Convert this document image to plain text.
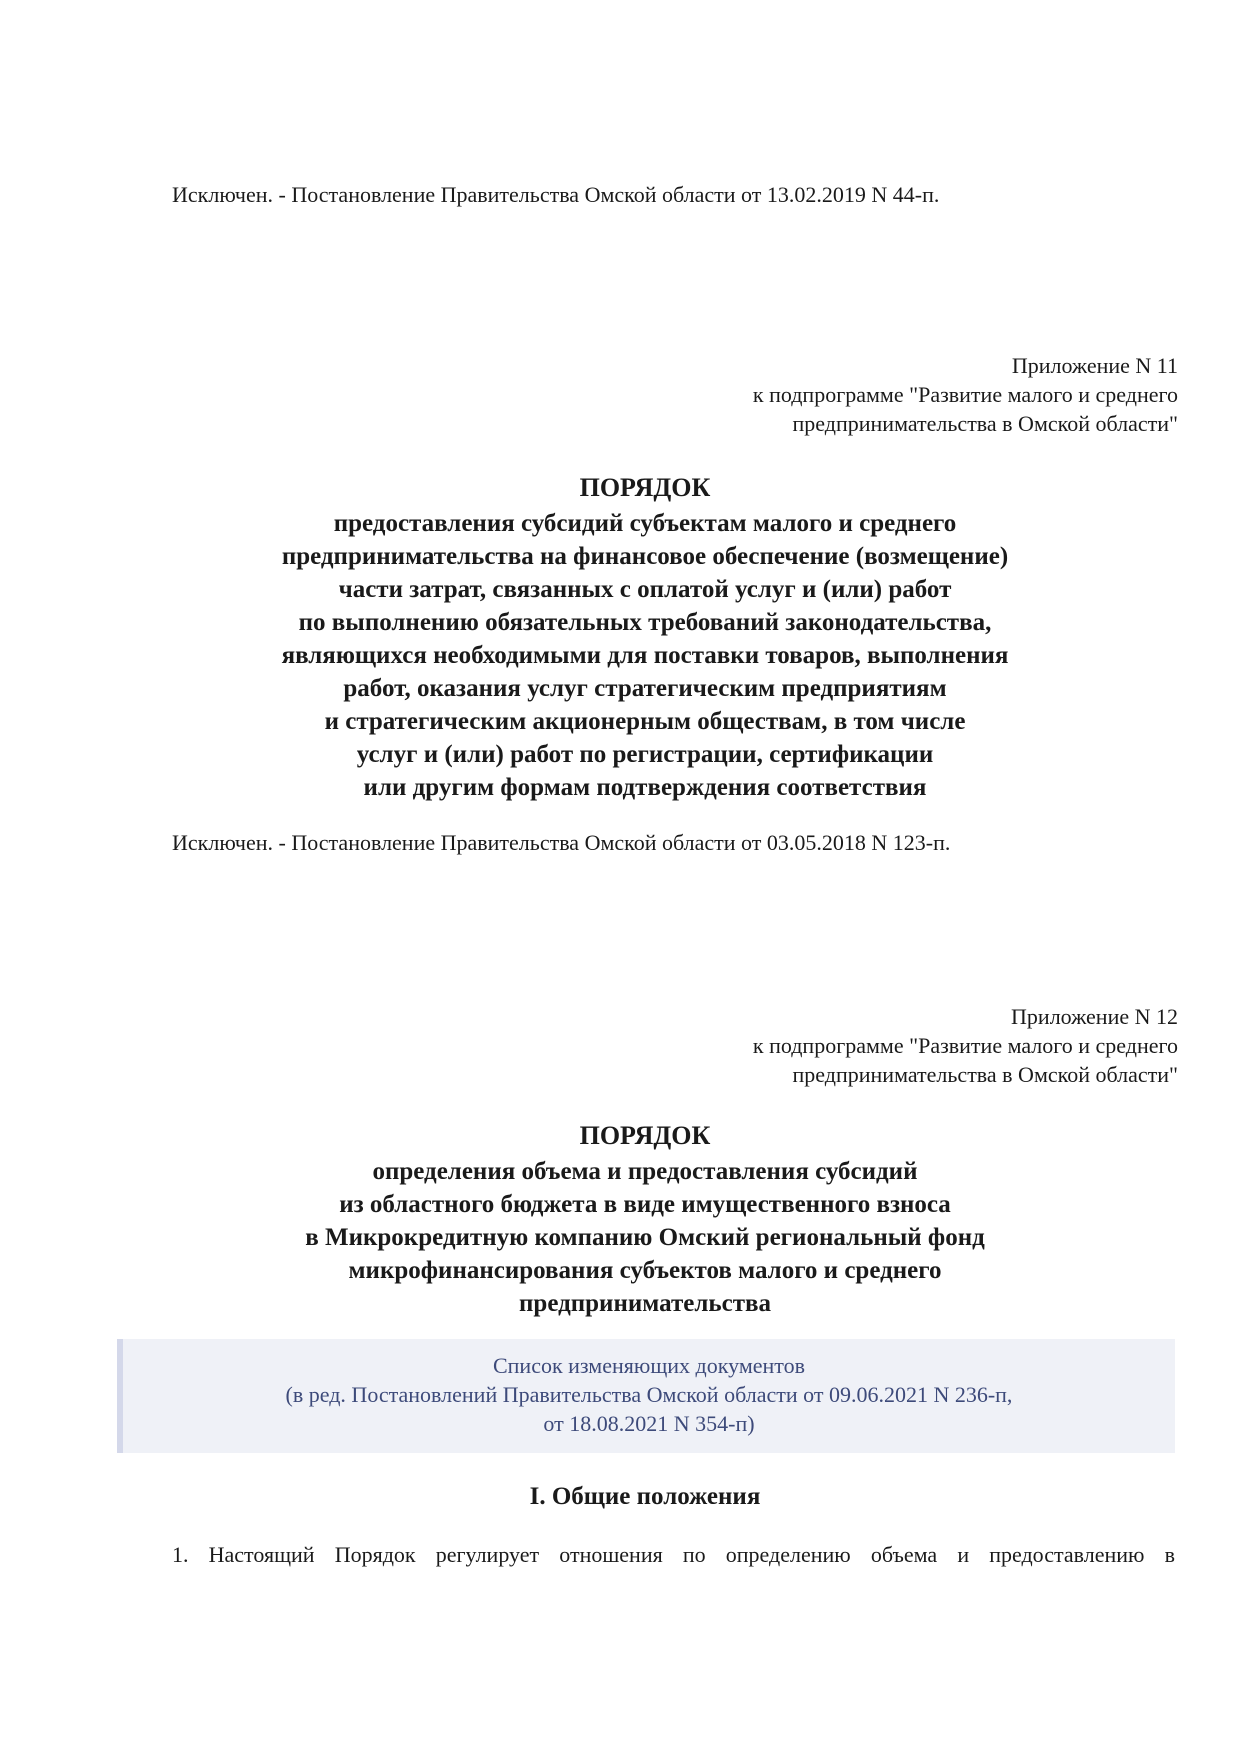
Исключен. - Постановление Правительства Омской области от 13.02.2019 N 44-п.
Приложение N 11
к подпрограмме "Развитие малого и среднего
предпринимательства в Омской области"
ПОРЯДОК
предоставления субсидий субъектам малого и среднего
предпринимательства на финансовое обеспечение (возмещение)
части затрат, связанных с оплатой услуг и (или) работ
по выполнению обязательных требований законодательства,
являющихся необходимыми для поставки товаров, выполнения
работ, оказания услуг стратегическим предприятиям
и стратегическим акционерным обществам, в том числе
услуг и (или) работ по регистрации, сертификации
или другим формам подтверждения соответствия
Исключен. - Постановление Правительства Омской области от 03.05.2018 N 123-п.
Приложение N 12
к подпрограмме "Развитие малого и среднего
предпринимательства в Омской области"
ПОРЯДОК
определения объема и предоставления субсидий
из областного бюджета в виде имущественного взноса
в Микрокредитную компанию Омский региональный фонд
микрофинансирования субъектов малого и среднего
предпринимательства
Список изменяющих документов
(в ред. Постановлений Правительства Омской области от 09.06.2021 N 236-п,
от 18.08.2021 N 354-п)
I. Общие положения
1. Настоящий Порядок регулирует отношения по определению объема и предоставлению в
